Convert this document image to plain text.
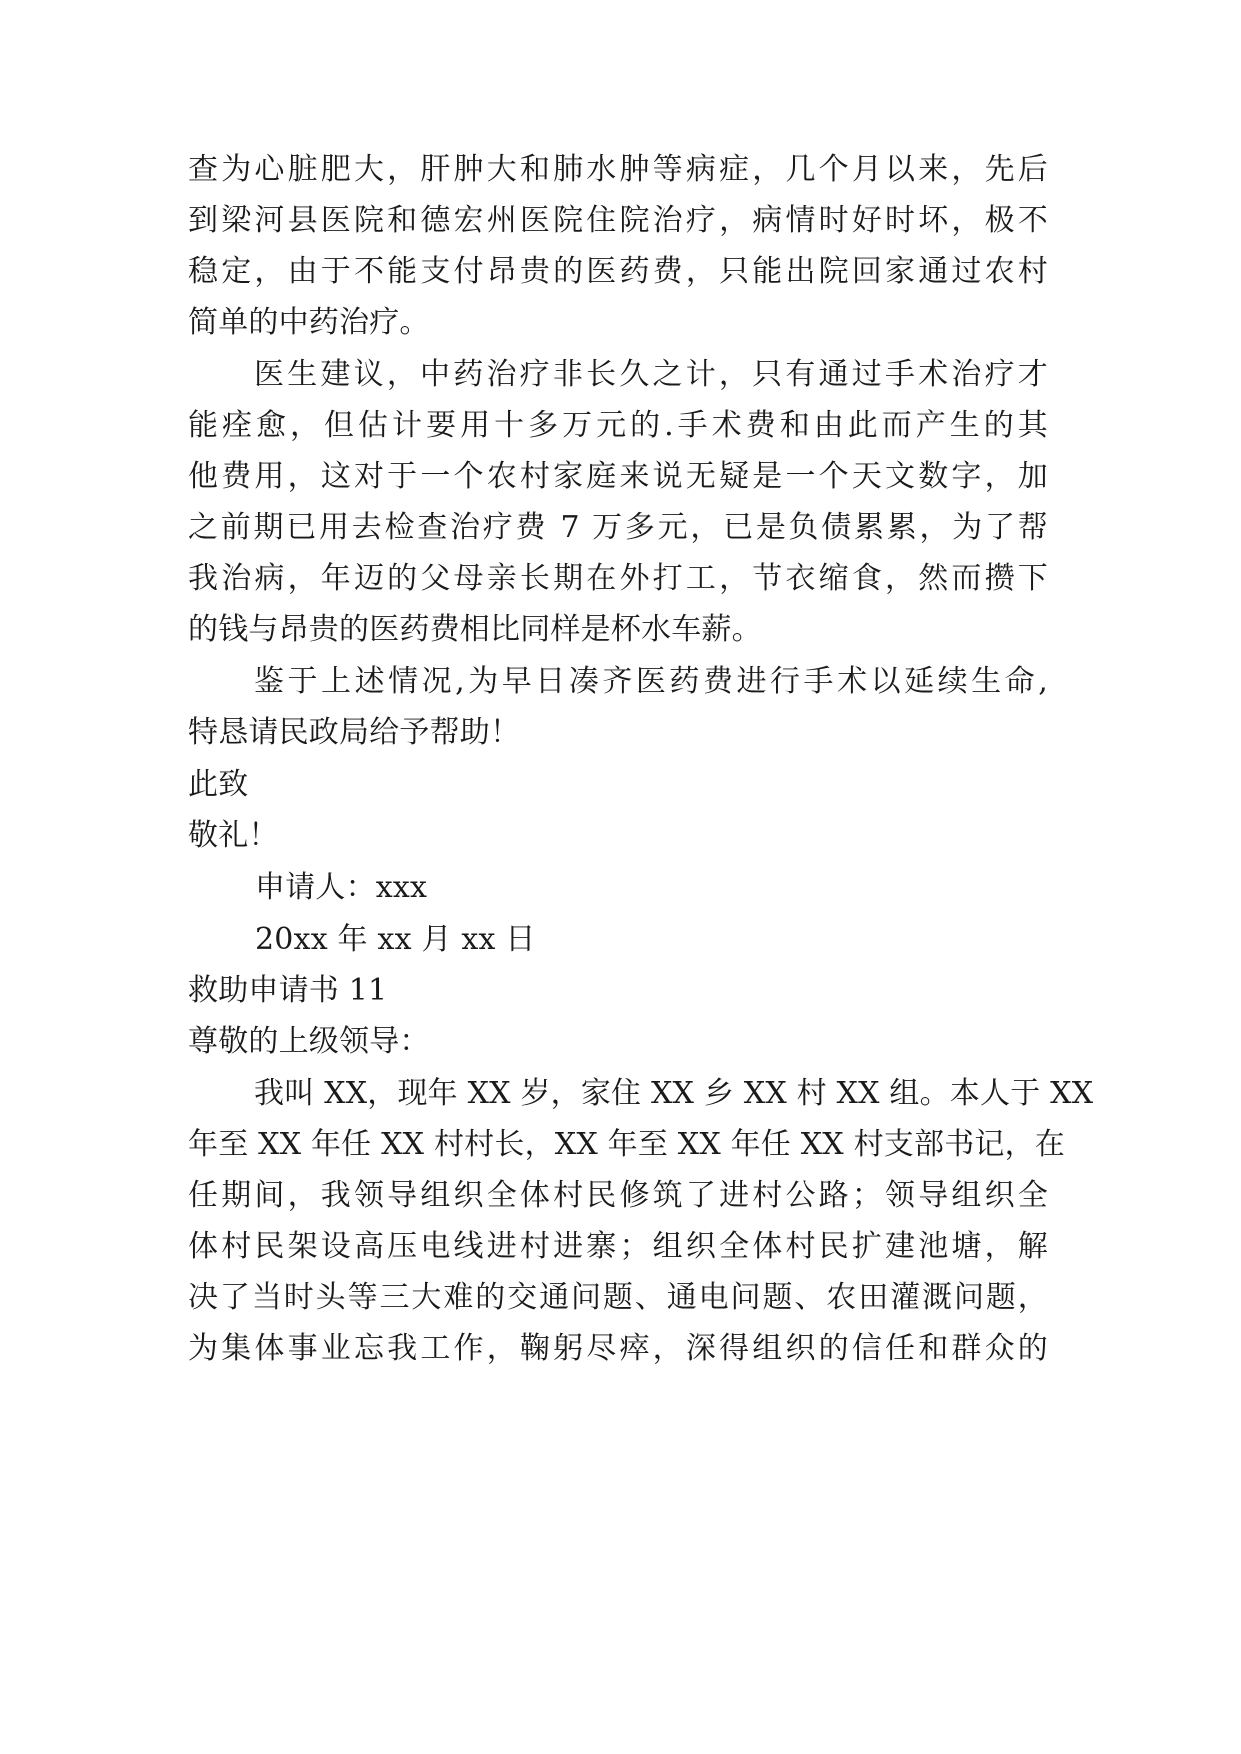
查为心脏肥大，肝肿大和肺水肿等病症，几个月以来，先后
到梁河县医院和德宏州医院住院治疗，病情时好时坏，极不
稳定，由于不能支付昂贵的医药费，只能出院回家通过农村
简单的中药治疗。
医生建议，中药治疗非长久之计，只有通过手术治疗才
能痊愈，但估计要用十多万元的.手术费和由此而产生的其
他费用，这对于一个农村家庭来说无疑是一个天文数字，加
之前期已用去检查治疗费 7 万多元，已是负债累累，为了帮
我治病，年迈的父母亲长期在外打工，节衣缩食，然而攒下
的钱与昂贵的医药费相比同样是杯水车薪。
鉴于上述情况,为早日凑齐医药费进行手术以延续生命,
特恳请民政局给予帮助！
此致
敬礼！
申请人：xxx
20xx 年 xx 月 xx 日
救助申请书 11
尊敬的上级领导：
我叫 XX，现年 XX 岁，家住 XX 乡 XX 村 XX 组。本人于 XX
年至 XX 年任 XX 村村长，XX 年至 XX 年任 XX 村支部书记，在
任期间，我领导组织全体村民修筑了进村公路；领导组织全
体村民架设高压电线进村进寨；组织全体村民扩建池塘，解
决了当时头等三大难的交通问题、通电问题、农田灌溉问题，
为集体事业忘我工作，鞠躬尽瘁，深得组织的信任和群众的
